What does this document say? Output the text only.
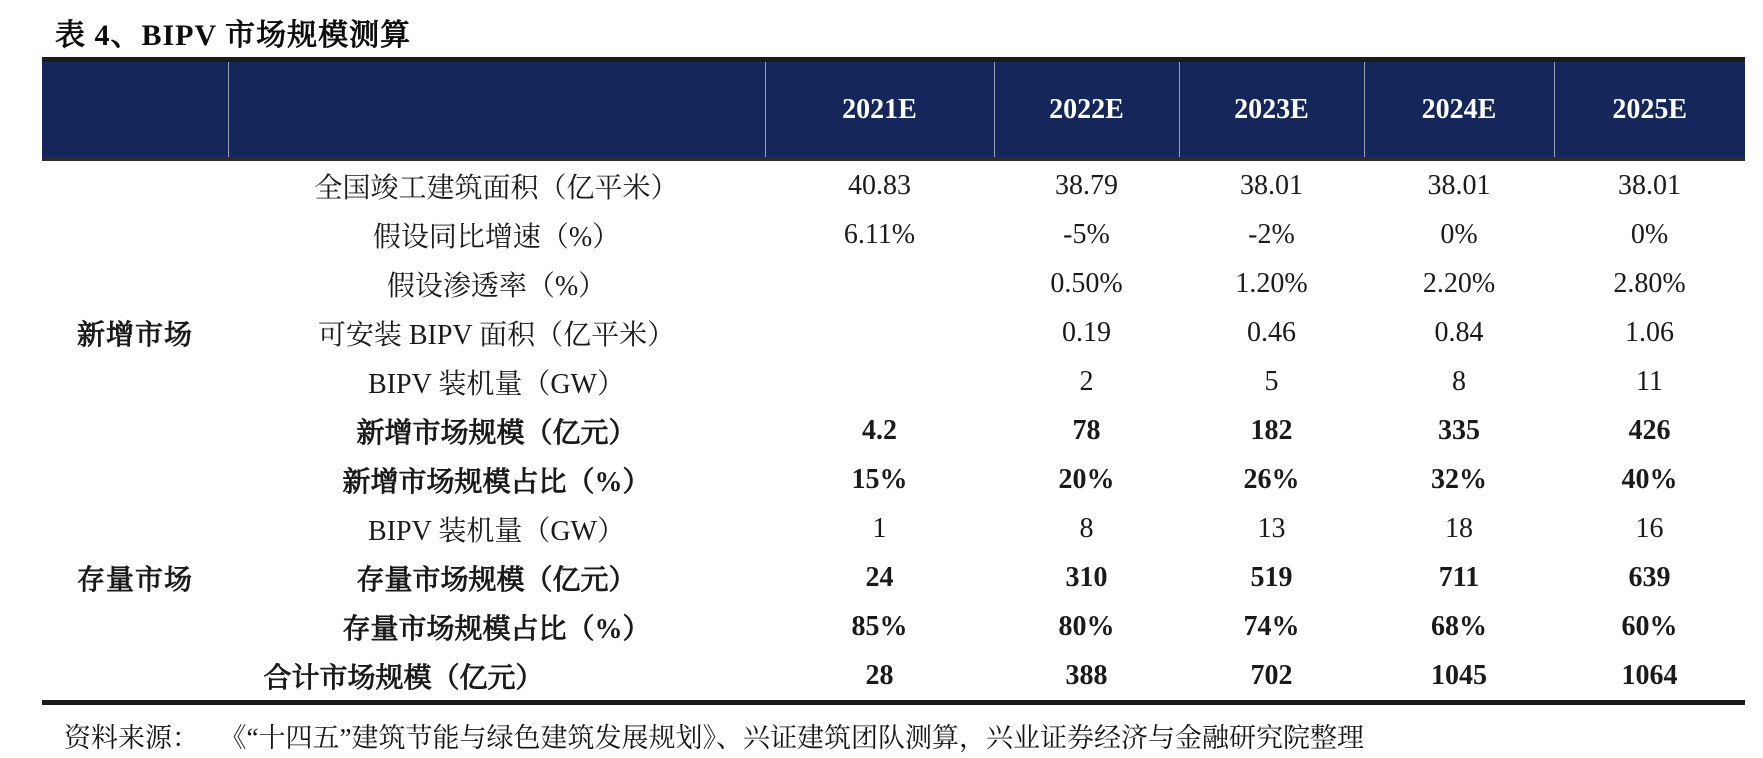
表 4、BIPV 市场规模测算
		2021E	2022E	2023E	2024E	2025E
新增市场	全国竣工建筑面积（亿平米）	40.83	38.79	38.01	38.01	38.01
	假设同比增速（%）	6.11%	-5%	-2%	0%	0%
	假设渗透率（%）		0.50%	1.20%	2.20%	2.80%
	可安装 BIPV 面积（亿平米）		0.19	0.46	0.84	1.06
	BIPV 装机量（GW）		2	5	8	11
	新增市场规模（亿元）	4.2	78	182	335	426
	新增市场规模占比（%）	15%	20%	26%	32%	40%
存量市场	BIPV 装机量（GW）	1	8	13	18	16
	存量市场规模（亿元）	24	310	519	711	639
	存量市场规模占比（%）	85%	80%	74%	68%	60%
合计市场规模（亿元）		28	388	702	1045	1064
资料来源： 《“十四五”建筑节能与绿色建筑发展规划》、兴证建筑团队测算，兴业证券经济与金融研究院整理
